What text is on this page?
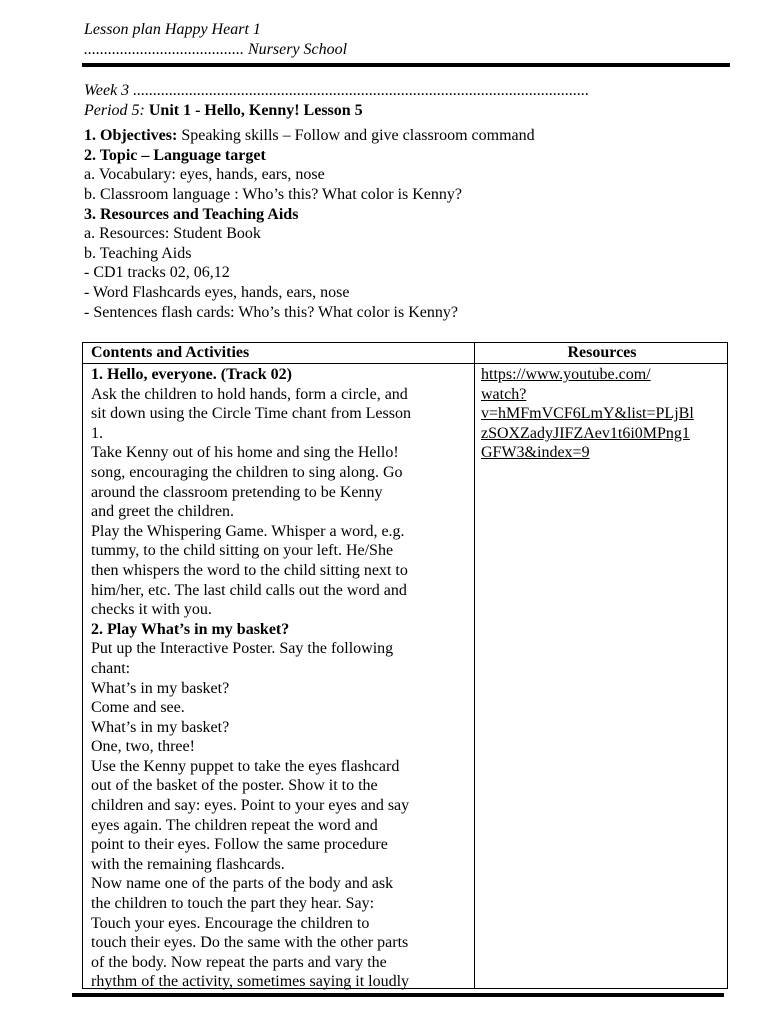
Lesson plan Happy Heart 1
........................................ Nursery School
Week 3 ..................................................................................................................
Period 5: Unit 1 - Hello, Kenny! Lesson 5
1. Objectives: Speaking skills – Follow and give classroom command
2. Topic – Language target
a. Vocabulary: eyes, hands, ears, nose
b. Classroom language : Who’s this? What color is Kenny?
3. Resources and Teaching Aids
a. Resources: Student Book
b. Teaching Aids
- CD1 tracks 02, 06,12
- Word Flashcards eyes, hands, ears, nose
- Sentences flash cards: Who’s this? What color is Kenny?
Contents and Activities	Resources
1. Hello, everyone. (Track 02)
Ask the children to hold hands, form a circle, and
sit down using the Circle Time chant from Lesson
1.
Take Kenny out of his home and sing the Hello!
song, encouraging the children to sing along. Go
around the classroom pretending to be Kenny
and greet the children.
Play the Whispering Game. Whisper a word, e.g.
tummy, to the child sitting on your left. He/She
then whispers the word to the child sitting next to
him/her, etc. The last child calls out the word and
checks it with you.
2. Play What’s in my basket?
Put up the Interactive Poster. Say the following
chant:
What’s in my basket?
Come and see.
What’s in my basket?
One, two, three!
Use the Kenny puppet to take the eyes flashcard
out of the basket of the poster. Show it to the
children and say: eyes. Point to your eyes and say
eyes again. The children repeat the word and
point to their eyes. Follow the same procedure
with the remaining flashcards.
Now name one of the parts of the body and ask
the children to touch the part they hear. Say:
Touch your eyes. Encourage the children to
touch their eyes. Do the same with the other parts
of the body. Now repeat the parts and vary the
rhythm of the activity, sometimes saying it loudly
https://www.youtube.com/
watch?
v=hMFmVCF6LmY&list=PLjBl
zSOXZadyJIFZAev1t6i0MPng1
GFW3&index=9
